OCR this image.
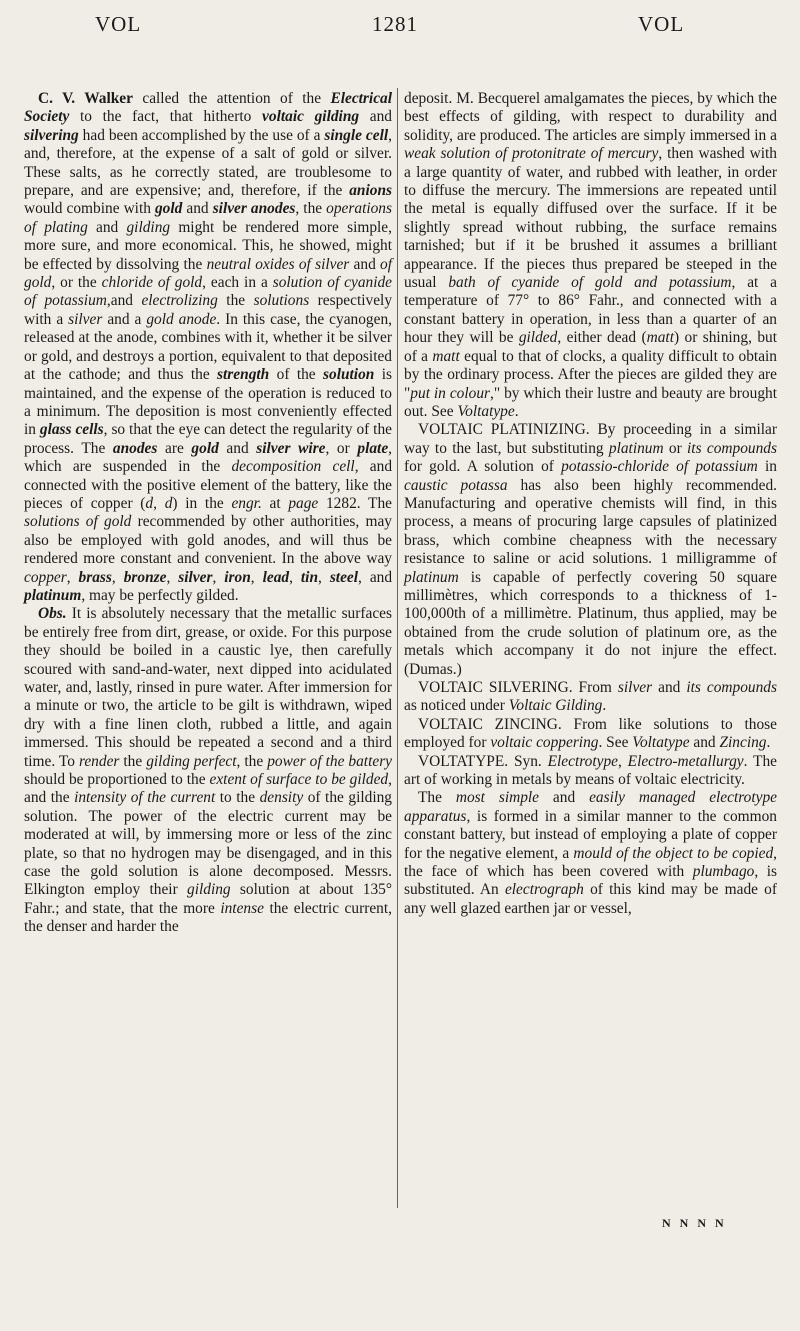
VOL	1281	VOL

C. V. Walker called the attention of the Electrical Society to the fact, that hitherto voltaic gilding and silvering had been accomplished by the use of a single cell, and, therefore, at the expense of a salt of gold or silver. These salts, as he correctly stated, are troublesome to prepare, and are expensive; and, therefore, if the anions would combine with gold and silver anodes, the operations of plating and gilding might be rendered more simple, more sure, and more economical. This, he showed, might be effected by dissolving the neutral oxides of silver and of gold, or the chloride of gold, each in a solution of cyanide of potassium,and electrolizing the solutions respectively with a silver and a gold anode. In this case, the cyanogen, released at the anode, combines with it, whether it be silver or gold, and destroys a portion, equivalent to that deposited at the cathode; and thus the strength of the solution is maintained, and the expense of the operation is reduced to a minimum. The deposition is most conveniently effected in glass cells, so that the eye can detect the regularity of the process. The anodes are gold and silver wire, or plate, which are suspended in the decomposition cell, and connected with the positive element of the battery, like the pieces of copper (d, d) in the engr. at page 1282. The solutions of gold recommended by other authorities, may also be employed with gold anodes, and will thus be rendered more constant and convenient. In the above way copper, brass, bronze, silver, iron, lead, tin, steel, and platinum, may be perfectly gilded.

Obs. It is absolutely necessary that the metallic surfaces be entirely free from dirt, grease, or oxide. For this purpose they should be boiled in a caustic lye, then carefully scoured with sand-and-water, next dipped into acidulated water, and, lastly, rinsed in pure water. After immersion for a minute or two, the article to be gilt is withdrawn, wiped dry with a fine linen cloth, rubbed a little, and again immersed. This should be repeated a second and a third time. To render the gilding perfect, the power of the battery should be proportioned to the extent of surface to be gilded, and the intensity of the current to the density of the gilding solution. The power of the electric current may be moderated at will, by immersing more or less of the zinc plate, so that no hydrogen may be disengaged, and in this case the gold solution is alone decomposed. Messrs. Elkington employ their gilding solution at about 135° Fahr.; and state, that the more intense the electric current, the denser and harder the

deposit. M. Becquerel amalgamates the pieces, by which the best effects of gilding, with respect to durability and solidity, are produced. The articles are simply immersed in a weak solution of protonitrate of mercury, then washed with a large quantity of water, and rubbed with leather, in order to diffuse the mercury. The immersions are repeated until the metal is equally diffused over the surface. If it be slightly spread without rubbing, the surface remains tarnished; but if it be brushed it assumes a brilliant appearance. If the pieces thus prepared be steeped in the usual bath of cyanide of gold and potassium, at a temperature of 77° to 86° Fahr., and connected with a constant battery in operation, in less than a quarter of an hour they will be gilded, either dead (matt) or shining, but of a matt equal to that of clocks, a quality difficult to obtain by the ordinary process. After the pieces are gilded they are "put in colour," by which their lustre and beauty are brought out. See Voltatype.

VOLTAIC PLATINIZING. By proceeding in a similar way to the last, but substituting platinum or its compounds for gold. A solution of potassio-chloride of potassium in caustic potassa has also been highly recommended. Manufacturing and operative chemists will find, in this process, a means of procuring large capsules of platinized brass, which combine cheapness with the necessary resistance to saline or acid solutions. 1 milligramme of platinum is capable of perfectly covering 50 square millimètres, which corresponds to a thickness of 1-100,000th of a millimètre. Platinum, thus applied, may be obtained from the crude solution of platinum ore, as the metals which accompany it do not injure the effect. (Dumas.)

VOLTAIC SILVERING. From silver and its compounds as noticed under Voltaic Gilding.

VOLTAIC ZINCING. From like solutions to those employed for voltaic coppering. See Voltatype and Zincing.

VOLTATYPE. Syn. Electrotype, Electro-metallurgy. The art of working in metals by means of voltaic electricity.

The most simple and easily managed electrotype apparatus, is formed in a similar manner to the common constant battery, but instead of employing a plate of copper for the negative element, a mould of the object to be copied, the face of which has been covered with plumbago, is substituted. An electrograph of this kind may be made of any well glazed earthen jar or vessel,

N N N N
